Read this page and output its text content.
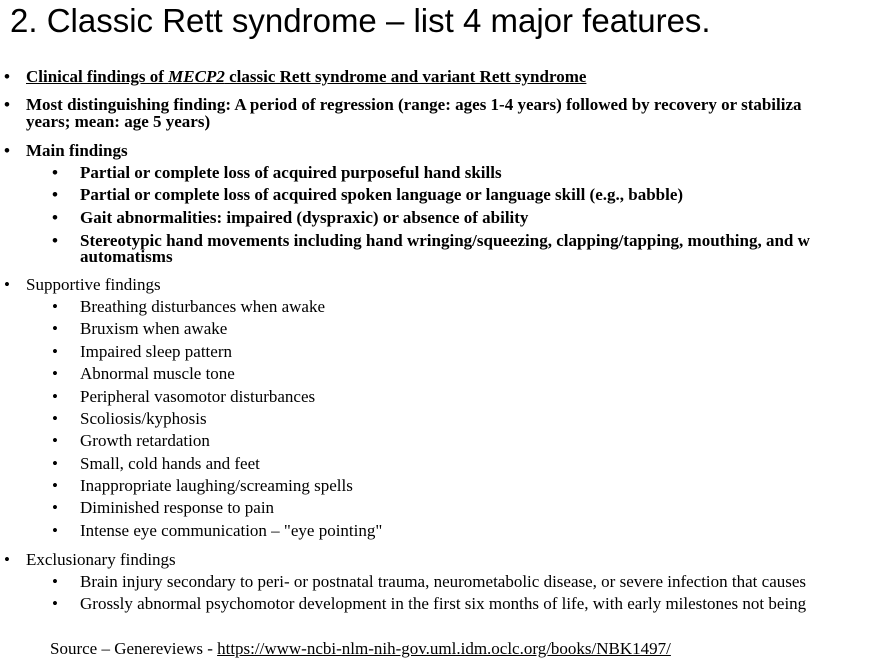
2. Classic Rett syndrome – list 4 major features.
• Clinical findings of MECP2 classic Rett syndrome and variant Rett syndrome
• Most distinguishing finding: A period of regression (range: ages 1-4 years) followed by recovery or stabiliza
years; mean: age 5 years)
• Main findings
• Partial or complete loss of acquired purposeful hand skills
• Partial or complete loss of acquired spoken language or language skill (e.g., babble)
• Gait abnormalities: impaired (dyspraxic) or absence of ability
• Stereotypic hand movements including hand wringing/squeezing, clapping/tapping, mouthing, and w
automatisms
• Supportive findings
• Breathing disturbances when awake
• Bruxism when awake
• Impaired sleep pattern
• Abnormal muscle tone
• Peripheral vasomotor disturbances
• Scoliosis/kyphosis
• Growth retardation
• Small, cold hands and feet
• Inappropriate laughing/screaming spells
• Diminished response to pain
• Intense eye communication – "eye pointing"
• Exclusionary findings
• Brain injury secondary to peri- or postnatal trauma, neurometabolic disease, or severe infection that causes
• Grossly abnormal psychomotor development in the first six months of life, with early milestones not being
Source – Genereviews - https://www-ncbi-nlm-nih-gov.uml.idm.oclc.org/books/NBK1497/
